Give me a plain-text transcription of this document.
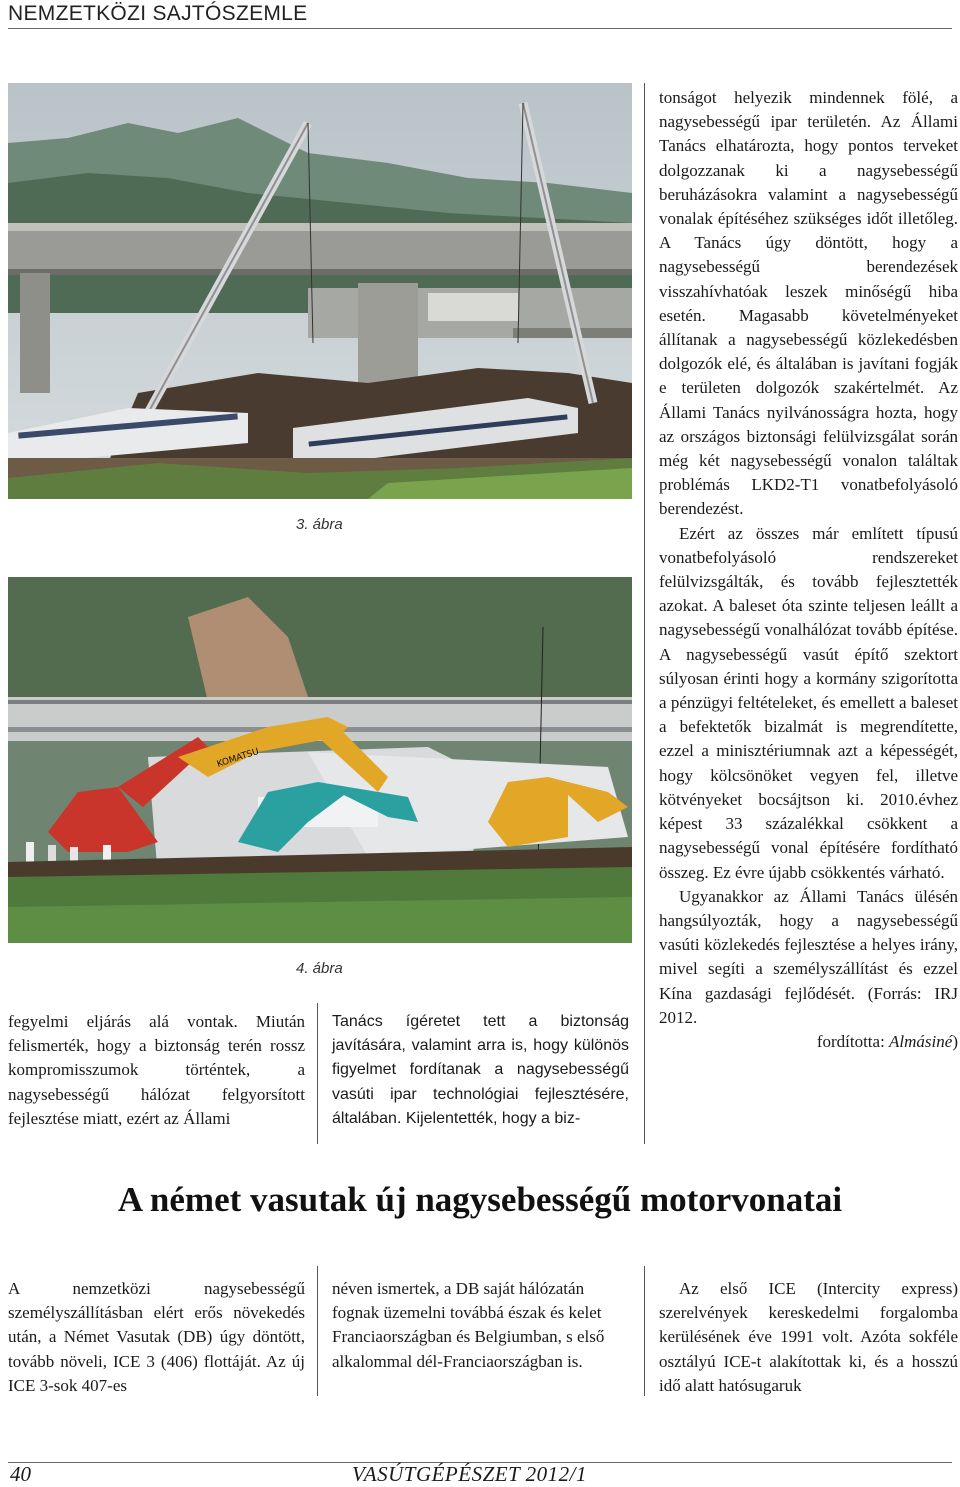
NEMZETKÖZI SAJTÓSZEMLE
3. ábra
KOMATSU
4. ábra

fegyelmi eljárás alá vontak. Miután felismerték, hogy a biztonság terén rossz kompromisszumok történtek, a nagysebességű hálózat felgyorsított fejlesztése miatt, ezért az Állami

Tanács ígéretet tett a biztonság javítására, valamint arra is, hogy különös figyelmet fordítanak a nagysebességű vasúti ipar technológiai fejlesztésére, általában. Kijelentették, hogy a biz-

tonságot helyezik mindennek fölé, a nagysebességű ipar területén. Az Állami Tanács elhatározta, hogy pontos terveket dolgozzanak ki a nagysebességű beruházásokra valamint a nagysebességű vonalak építéséhez szükséges időt illetőleg. A Tanács úgy döntött, hogy a nagysebességű berendezések visszahívhatóak leszek minőségű hiba esetén. Magasabb követelményeket állítanak a nagysebességű közlekedésben dolgozók elé, és általában is javítani fogják e területen dolgozók szakértelmét. Az Állami Tanács nyilvánosságra hozta, hogy az országos biztonsági felülvizsgálat során még két nagysebességű vonalon találtak problémás LKD2-T1 vonatbefolyásoló berendezést.

Ezért az összes már említett típusú vonatbefolyásoló rendszereket felülvizsgálták, és tovább fejlesztették azokat. A baleset óta szinte teljesen leállt a nagysebességű vonalhálózat tovább építése. A nagysebességű vasút építő szektort súlyosan érinti hogy a kormány szigorította a pénzügyi feltételeket, és emellett a baleset a befektetők bizalmát is megrendítette, ezzel a minisztériumnak azt a képességét, hogy kölcsönöket vegyen fel, illetve kötvényeket bocsájtson ki. 2010.évhez képest 33 százalékkal csökkent a nagysebességű vonal építésére fordítható összeg. Ez évre újabb csökkentés várható.

Ugyanakkor az Állami Tanács ülésén hangsúlyozták, hogy a nagysebességű vasúti közlekedés fejlesztése a helyes irány, mivel segíti a személyszállítást és ezzel Kína gazdasági fejlődését. (Forrás: IRJ 2012.

fordította: Almásiné)

A német vasutak új nagysebességű motorvonatai

A nemzetközi nagysebességű személyszállításban elért erős növekedés után, a Német Vasutak (DB) úgy döntött, tovább növeli, ICE 3 (406) flottáját. Az új ICE 3-sok 407-es

néven ismertek, a DB saját hálózatán fognak üzemelni továbbá észak és kelet Franciaországban és Belgiumban, s első alkalommal dél-Franciaországban is.

Az első ICE (Intercity express) szerelvények kereskedelmi forgalomba kerülésének éve 1991 volt. Azóta sokféle osztályú ICE-t alakítottak ki, és a hosszú idő alatt hatósugaruk

40	VASÚTGÉPÉSZET 2012/1
